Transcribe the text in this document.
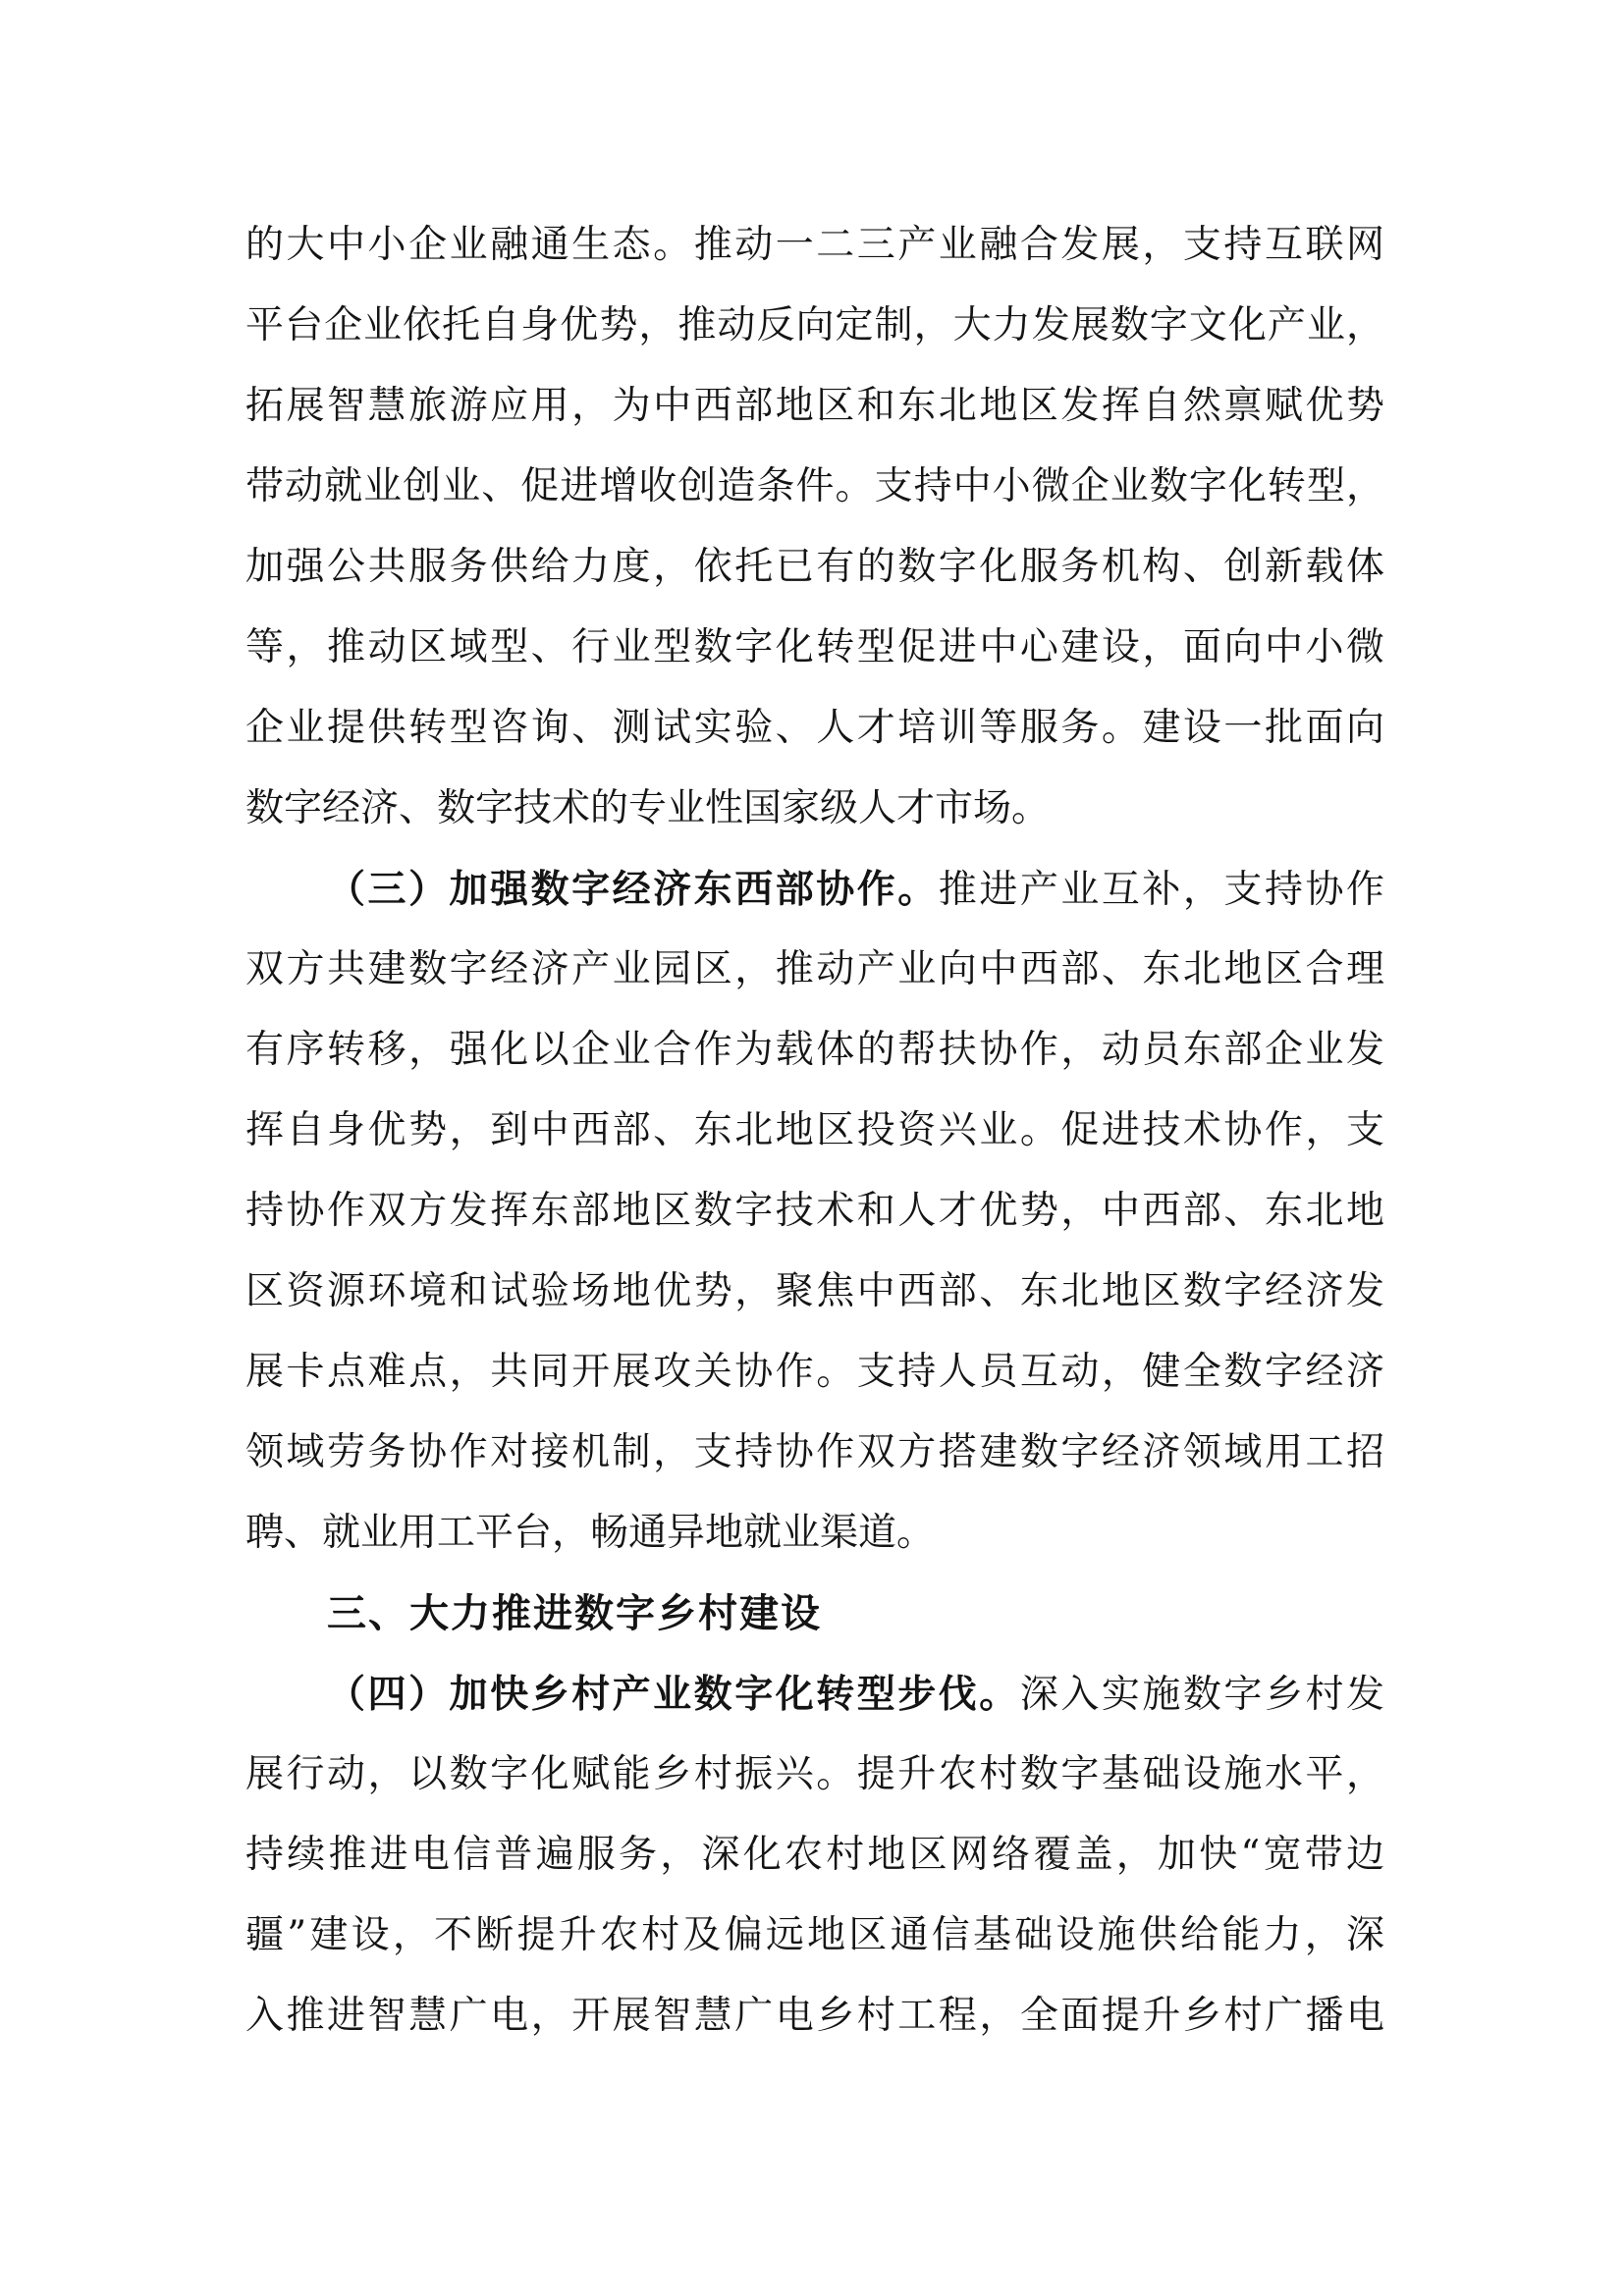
的大中小企业融通生态。推动一二三产业融合发展，支持互联网
平台企业依托自身优势，推动反向定制，大力发展数字文化产业，
拓展智慧旅游应用，为中西部地区和东北地区发挥自然禀赋优势
带动就业创业、促进增收创造条件。支持中小微企业数字化转型，
加强公共服务供给力度，依托已有的数字化服务机构、创新载体
等，推动区域型、行业型数字化转型促进中心建设，面向中小微
企业提供转型咨询、测试实验、人才培训等服务。建设一批面向
数字经济、数字技术的专业性国家级人才市场。
（三）加强数字经济东西部协作。推进产业互补，支持协作
双方共建数字经济产业园区，推动产业向中西部、东北地区合理
有序转移，强化以企业合作为载体的帮扶协作，动员东部企业发
挥自身优势，到中西部、东北地区投资兴业。促进技术协作，支
持协作双方发挥东部地区数字技术和人才优势，中西部、东北地
区资源环境和试验场地优势，聚焦中西部、东北地区数字经济发
展卡点难点，共同开展攻关协作。支持人员互动，健全数字经济
领域劳务协作对接机制，支持协作双方搭建数字经济领域用工招
聘、就业用工平台，畅通异地就业渠道。
三、大力推进数字乡村建设
（四）加快乡村产业数字化转型步伐。深入实施数字乡村发
展行动，以数字化赋能乡村振兴。提升农村数字基础设施水平，
持续推进电信普遍服务，深化农村地区网络覆盖，加快“宽带边
疆”建设，不断提升农村及偏远地区通信基础设施供给能力，深
入推进智慧广电，开展智慧广电乡村工程，全面提升乡村广播电
